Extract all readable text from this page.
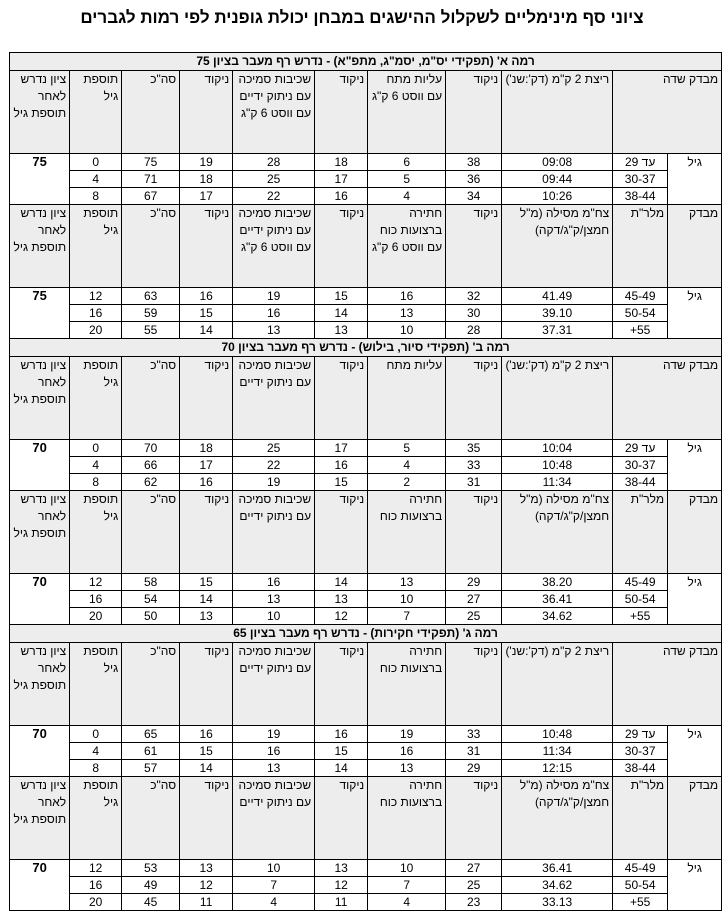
ציוני סף מינימליים לשקלול ההישגים במבחן יכולת גופנית לפי רמות לגברים
רמה א' (תפקידי יס"מ, יסמ"ג, מתפ"א) - נדרש רף מעבר בציון 75										
מבדק שדה		ריצת 2 ק"מ (דק':שנ')	ניקוד	עליות מתח עם ווסט 6 ק"ג	ניקוד	שכיבות סמיכה עם ניתוק ידיים עם ווסט 6 ק"ג	ניקוד	סה"כ	תוספת גיל	ציון נדרש לאחר תוספת גיל
גיל	עד 29	09:08	38	6	18	28	19	75	0	75
	30-37	09:44	36	5	17	25	18	71	4	
	38-44	10:26	34	4	16	22	17	67	8	
מבדק	מלר"ת	צח"מ מסילה (מ"ל חמצן/ק"ג/דקה)	ניקוד	חתירה ברצועות כוח עם ווסט 6 ק"ג	ניקוד	שכיבות סמיכה עם ניתוק ידיים עם ווסט 6 ק"ג	ניקוד	סה"כ	תוספת גיל	ציון נדרש לאחר תוספת גיל
גיל	45-49	41.49	32	16	15	19	16	63	12	75
	50-54	39.10	30	13	14	16	15	59	16	
	55+	37.31	28	10	13	13	14	55	20	
רמה ב' (תפקידי סיור, בילוש) - נדרש רף מעבר בציון 70										
מבדק שדה		ריצת 2 ק"מ (דק':שנ')	ניקוד	עליות מתח	ניקוד	שכיבות סמיכה עם ניתוק ידיים	ניקוד	סה"כ	תוספת גיל	ציון נדרש לאחר תוספת גיל
גיל	עד 29	10:04	35	5	17	25	18	70	0	70
	30-37	10:48	33	4	16	22	17	66	4	
	38-44	11:34	31	2	15	19	16	62	8	
מבדק	מלר"ת	צח"מ מסילה (מ"ל חמצן/ק"ג/דקה)	ניקוד	חתירה ברצועות כוח	ניקוד	שכיבות סמיכה עם ניתוק ידיים	ניקוד	סה"כ	תוספת גיל	ציון נדרש לאחר תוספת גיל
גיל	45-49	38.20	29	13	14	16	15	58	12	70
	50-54	36.41	27	10	13	13	14	54	16	
	55+	34.62	25	7	12	10	13	50	20	
רמה ג' (תפקידי חקירות) - נדרש רף מעבר בציון 65										
מבדק שדה		ריצת 2 ק"מ (דק':שנ')	ניקוד	חתירה ברצועות כוח	ניקוד	שכיבות סמיכה עם ניתוק ידיים	ניקוד	סה"כ	תוספת גיל	ציון נדרש לאחר תוספת גיל
גיל	עד 29	10:48	33	19	16	19	16	65	0	70
	30-37	11:34	31	16	15	16	15	61	4	
	38-44	12:15	29	13	14	13	14	57	8	
מבדק	מלר"ת	צח"מ מסילה (מ"ל חמצן/ק"ג/דקה)	ניקוד	חתירה ברצועות כוח	ניקוד	שכיבות סמיכה עם ניתוק ידיים	ניקוד	סה"כ	תוספת גיל	ציון נדרש לאחר תוספת גיל
גיל	45-49	36.41	27	10	13	10	13	53	12	70
	50-54	34.62	25	7	12	7	12	49	16	
	55+	33.13	23	4	11	4	11	45	20	
